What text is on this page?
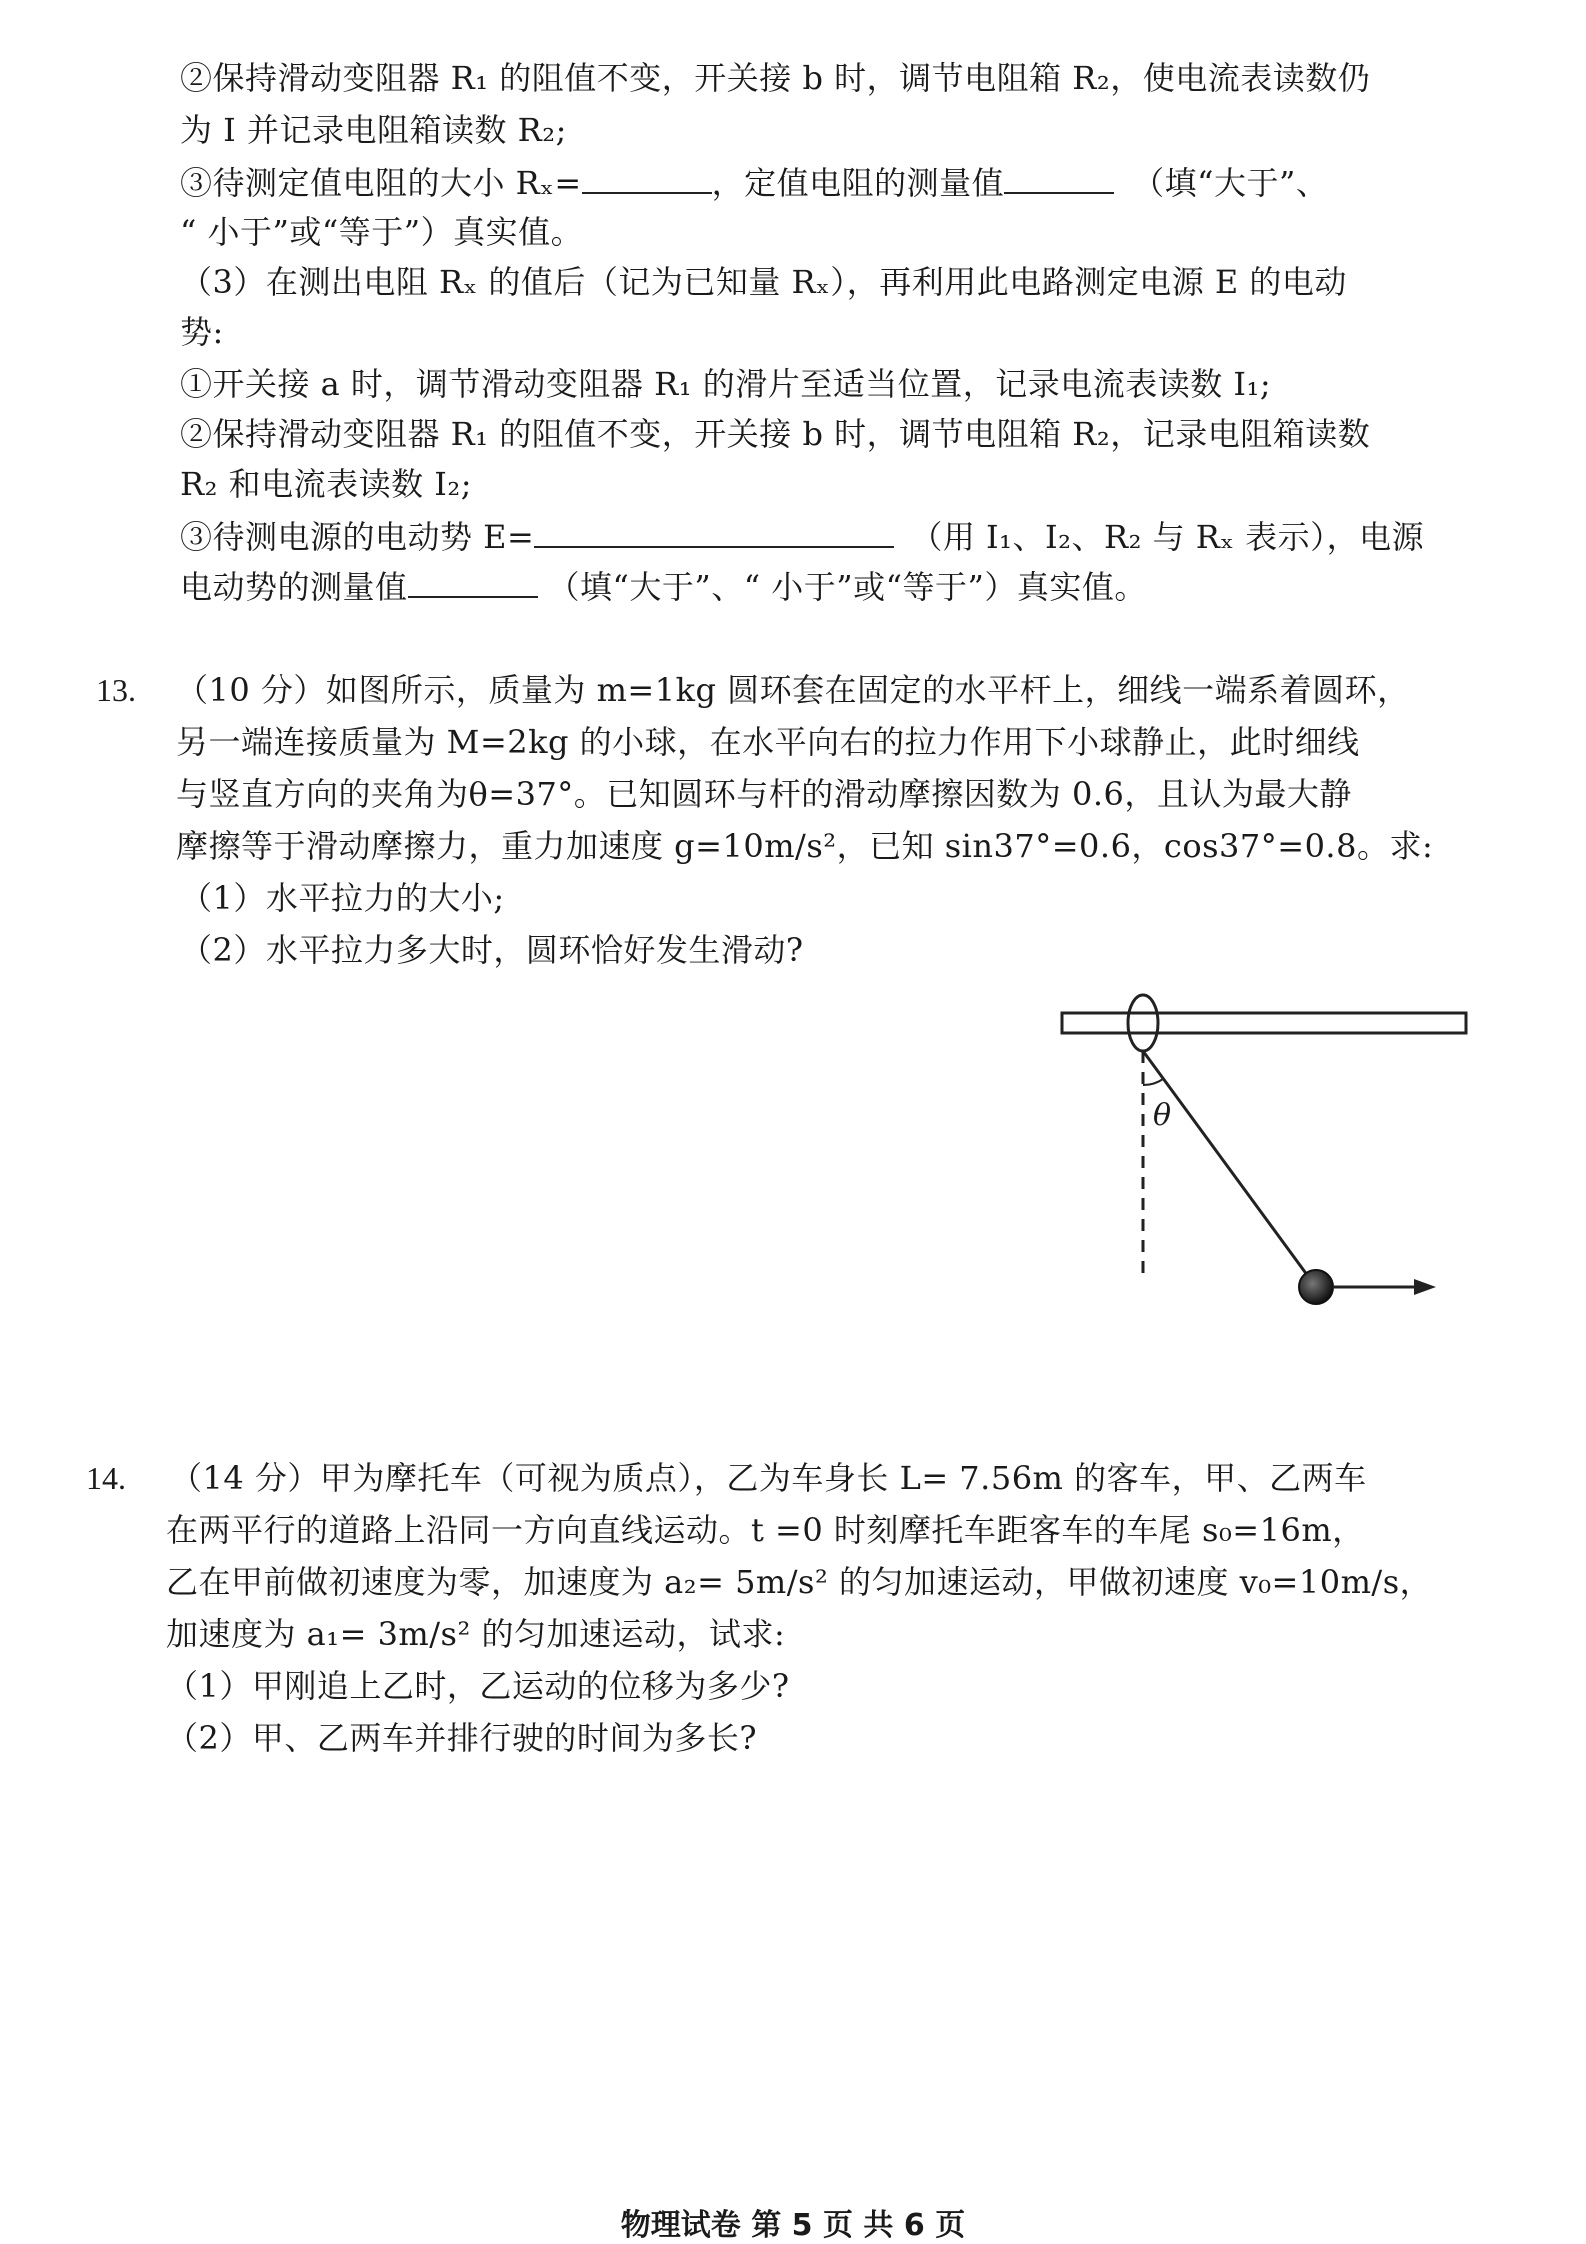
②保持滑动变阻器 R₁ 的阻值不变，开关接 b 时，调节电阻箱 R₂，使电流表读数仍
为 I 并记录电阻箱读数 R₂;
③待测定值电阻的大小 Rₓ=	，定值电阻的测量值	（填“大于”、
“ 小于”或“等于”）真实值。
（3）在测出电阻 Rₓ 的值后（记为已知量 Rₓ），再利用此电路测定电源 E 的电动
势:
①开关接 a 时，调节滑动变阻器 R₁ 的滑片至适当位置，记录电流表读数 I₁;
②保持滑动变阻器 R₁ 的阻值不变，开关接 b 时，调节电阻箱 R₂，记录电阻箱读数
R₂ 和电流表读数 I₂;
③待测电源的电动势 E=	（用 I₁、I₂、R₂ 与 Rₓ 表示），电源
电动势的测量值	（填“大于”、“ 小于”或“等于”）真实值。
13. （10 分）如图所示，质量为 m=1kg 圆环套在固定的水平杆上，细线一端系着圆环，
另一端连接质量为 M=2kg 的小球，在水平向右的拉力作用下小球静止，此时细线
与竖直方向的夹角为θ=37°。已知圆环与杆的滑动摩擦因数为 0.6，且认为最大静
摩擦等于滑动摩擦力，重力加速度 g=10m/s²，已知 sin37°=0.6，cos37°=0.8。求:
（1）水平拉力的大小;
（2）水平拉力多大时，圆环恰好发生滑动?
θ
14. （14 分）甲为摩托车（可视为质点），乙为车身长 L= 7.56m 的客车，甲、乙两车
在两平行的道路上沿同一方向直线运动。t =0 时刻摩托车距客车的车尾 s₀=16m，
乙在甲前做初速度为零，加速度为 a₂= 5m/s² 的匀加速运动，甲做初速度 v₀=10m/s，
加速度为 a₁= 3m/s² 的匀加速运动，试求:
（1）甲刚追上乙时，乙运动的位移为多少?
（2）甲、乙两车并排行驶的时间为多长?
物理试卷 第 5 页 共 6 页
